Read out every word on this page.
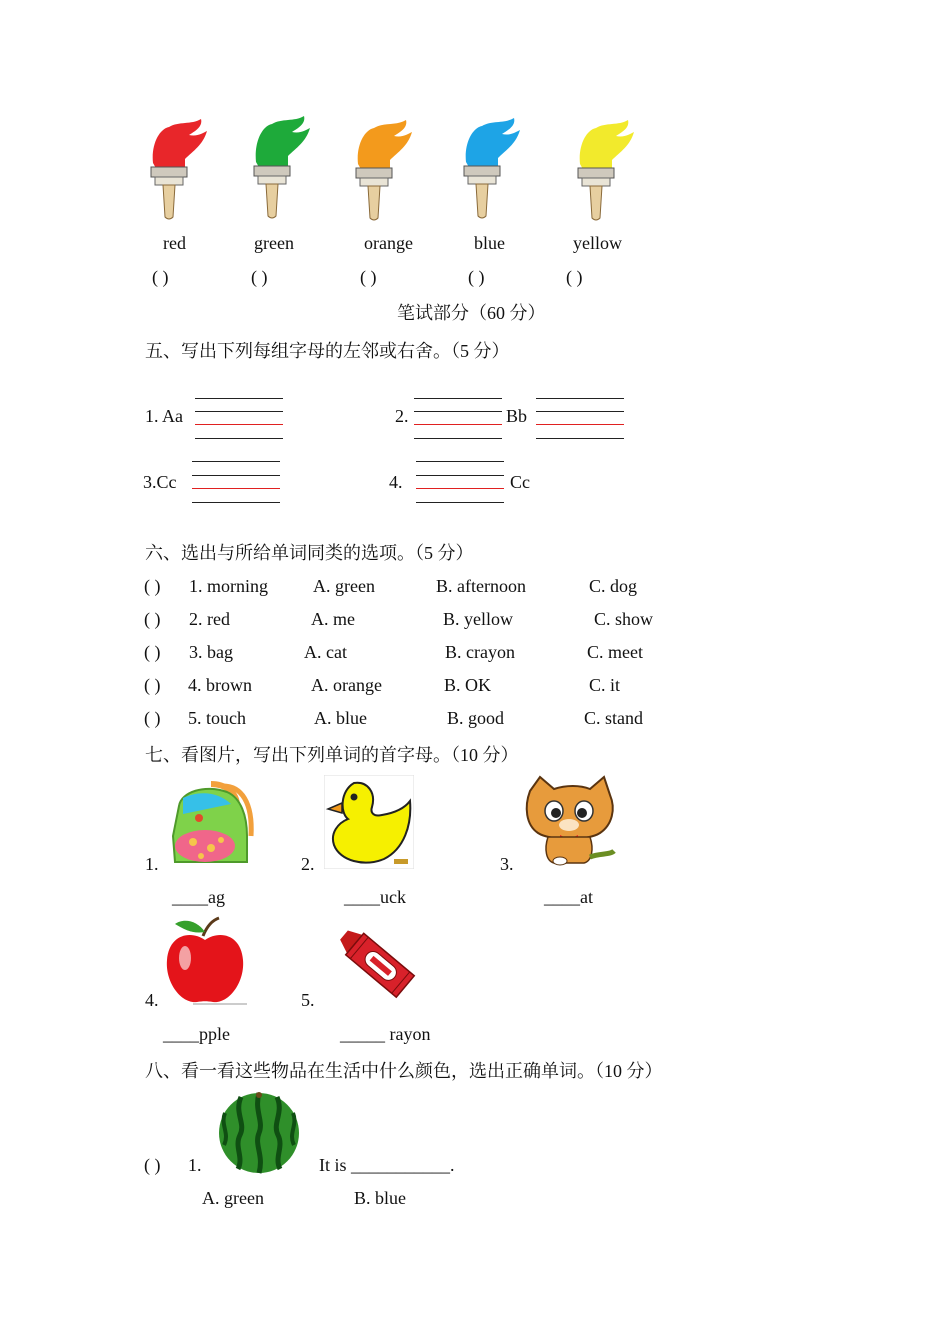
red	green	orange	blue	yellow
( )	( )	( )	( )	( )
笔试部分（60 分）
五、写出下列每组字母的左邻或右舍。（5 分）
1. Aa	2.	Bb
3.Cc	4.	Cc
六、选出与所给单词同类的选项。（5 分）
( ) 1. morning	A. green	B. afternoon	C. dog
( ) 2. red	A. me	B. yellow	C. show
( ) 3. bag	A. cat	B. crayon	C. meet
( ) 4. brown	A. orange	B. OK	C. it
( ) 5. touch	A. blue	B. good	C. stand
七、看图片，写出下列单词的首字母。（10 分）
1.
____ag
2.
____uck
3.
____at
4.
____pple
5.
_____ rayon
八、看一看这些物品在生活中什么颜色，选出正确单词。（10 分）
( ) 1.	It is ___________.
A. green	B. blue
